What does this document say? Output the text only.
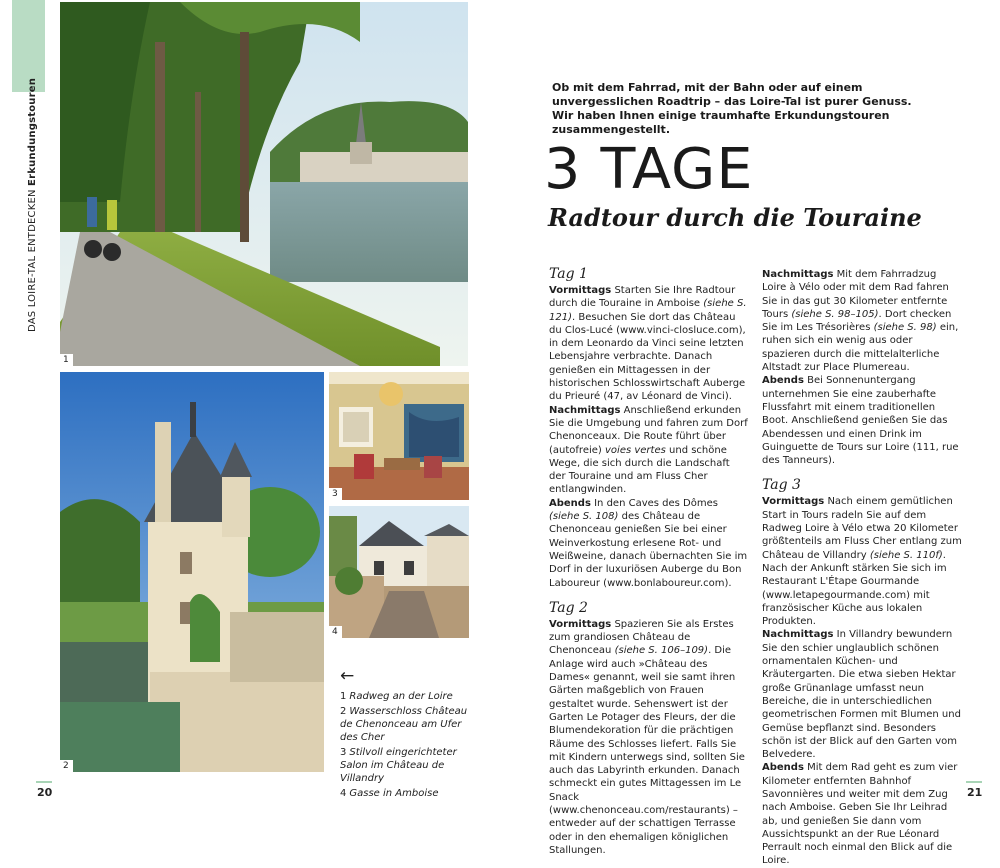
DAS LOIRE-TAL ENTDECKEN Erkundungstouren
1
2
3
4
←
1 Radweg an der Loire
2 Wasserschloss Château de Chenonceau am Ufer des Cher
3 Stilvoll eingerichteter Salon im Château de Villandry
4 Gasse in Amboise
20	21
Ob mit dem Fahrrad, mit der Bahn oder auf einem unvergesslichen Roadtrip – das Loire-Tal ist purer Genuss. Wir haben Ihnen einige traumhafte Erkundungstouren zusammengestellt.
3 TAGE
Radtour durch die Touraine
Tag 1

Vormittags Starten Sie Ihre Radtour durch die Touraine in Amboise (siehe S. 121). Besuchen Sie dort das Château du Clos-Lucé (www.vinci-closluce.com), in dem Leonardo da Vinci seine letzten Lebensjahre verbrachte. Danach genießen ein Mittagessen in der historischen Schlosswirtschaft Auberge du Prieuré (47, av Léonard de Vinci).

Nachmittags Anschließend erkunden Sie die Umgebung und fahren zum Dorf Chenonceaux. Die Route führt über (autofreie) voies vertes und schöne Wege, die sich durch die Landschaft der Touraine und am Fluss Cher entlangwinden.

Abends In den Caves des Dômes (siehe S. 108) des Château de Chenonceau genießen Sie bei einer Weinverkostung erlesene Rot- und Weißweine, danach übernachten Sie im Dorf in der luxuriösen Auberge du Bon Laboureur (www.bonlaboureur.com).

Tag 2

Vormittags Spazieren Sie als Erstes zum grandiosen Château de Chenonceau (siehe S. 106–109). Die Anlage wird auch »Château des Dames« genannt, weil sie samt ihren Gärten maßgeblich von Frauen gestaltet wurde. Sehenswert ist der Garten Le Potager des Fleurs, der die Blumendekoration für die prächtigen Räume des Schlosses liefert. Falls Sie mit Kindern unterwegs sind, sollten Sie auch das Labyrinth erkunden. Danach schmeckt ein gutes Mittagessen im Le Snack (www.chenonceau.com/restaurants) – entweder auf der schattigen Terrasse oder in den ehemaligen königlichen Stallungen.

Nachmittags Mit dem Fahrradzug Loire à Vélo oder mit dem Rad fahren Sie in das gut 30 Kilometer entfernte Tours (siehe S. 98–105). Dort checken Sie im Les Trésorières (siehe S. 98) ein, ruhen sich ein wenig aus oder spazieren durch die mittelalterliche Altstadt zur Place Plumereau.

Abends Bei Sonnenuntergang unternehmen Sie eine zauberhafte Flussfahrt mit einem traditionellen Boot. Anschließend genießen Sie das Abendessen und einen Drink im Guinguette de Tours sur Loire (111, rue des Tanneurs).

Tag 3

Vormittags Nach einem gemütlichen Start in Tours radeln Sie auf dem Radweg Loire à Vélo etwa 20 Kilometer größtenteils am Fluss Cher entlang zum Château de Villandry (siehe S. 110f). Nach der Ankunft stärken Sie sich im Restaurant L'Étape Gourmande (www.letapegourmande.com) mit französischer Küche aus lokalen Produkten.

Nachmittags In Villandry bewundern Sie den schier unglaublich schönen ornamentalen Küchen- und Kräutergarten. Die etwa sieben Hektar große Grünanlage umfasst neun Bereiche, die in unterschiedlichen geometrischen Formen mit Blumen und Gemüse bepflanzt sind. Besonders schön ist der Blick auf den Garten vom Belvedere.

Abends Mit dem Rad geht es zum vier Kilometer entfernten Bahnhof Savonnières und weiter mit dem Zug nach Amboise. Geben Sie Ihr Leihrad ab, und genießen Sie dann vom Aussichtspunkt an der Rue Léonard Perrault noch einmal den Blick auf die Loire.
